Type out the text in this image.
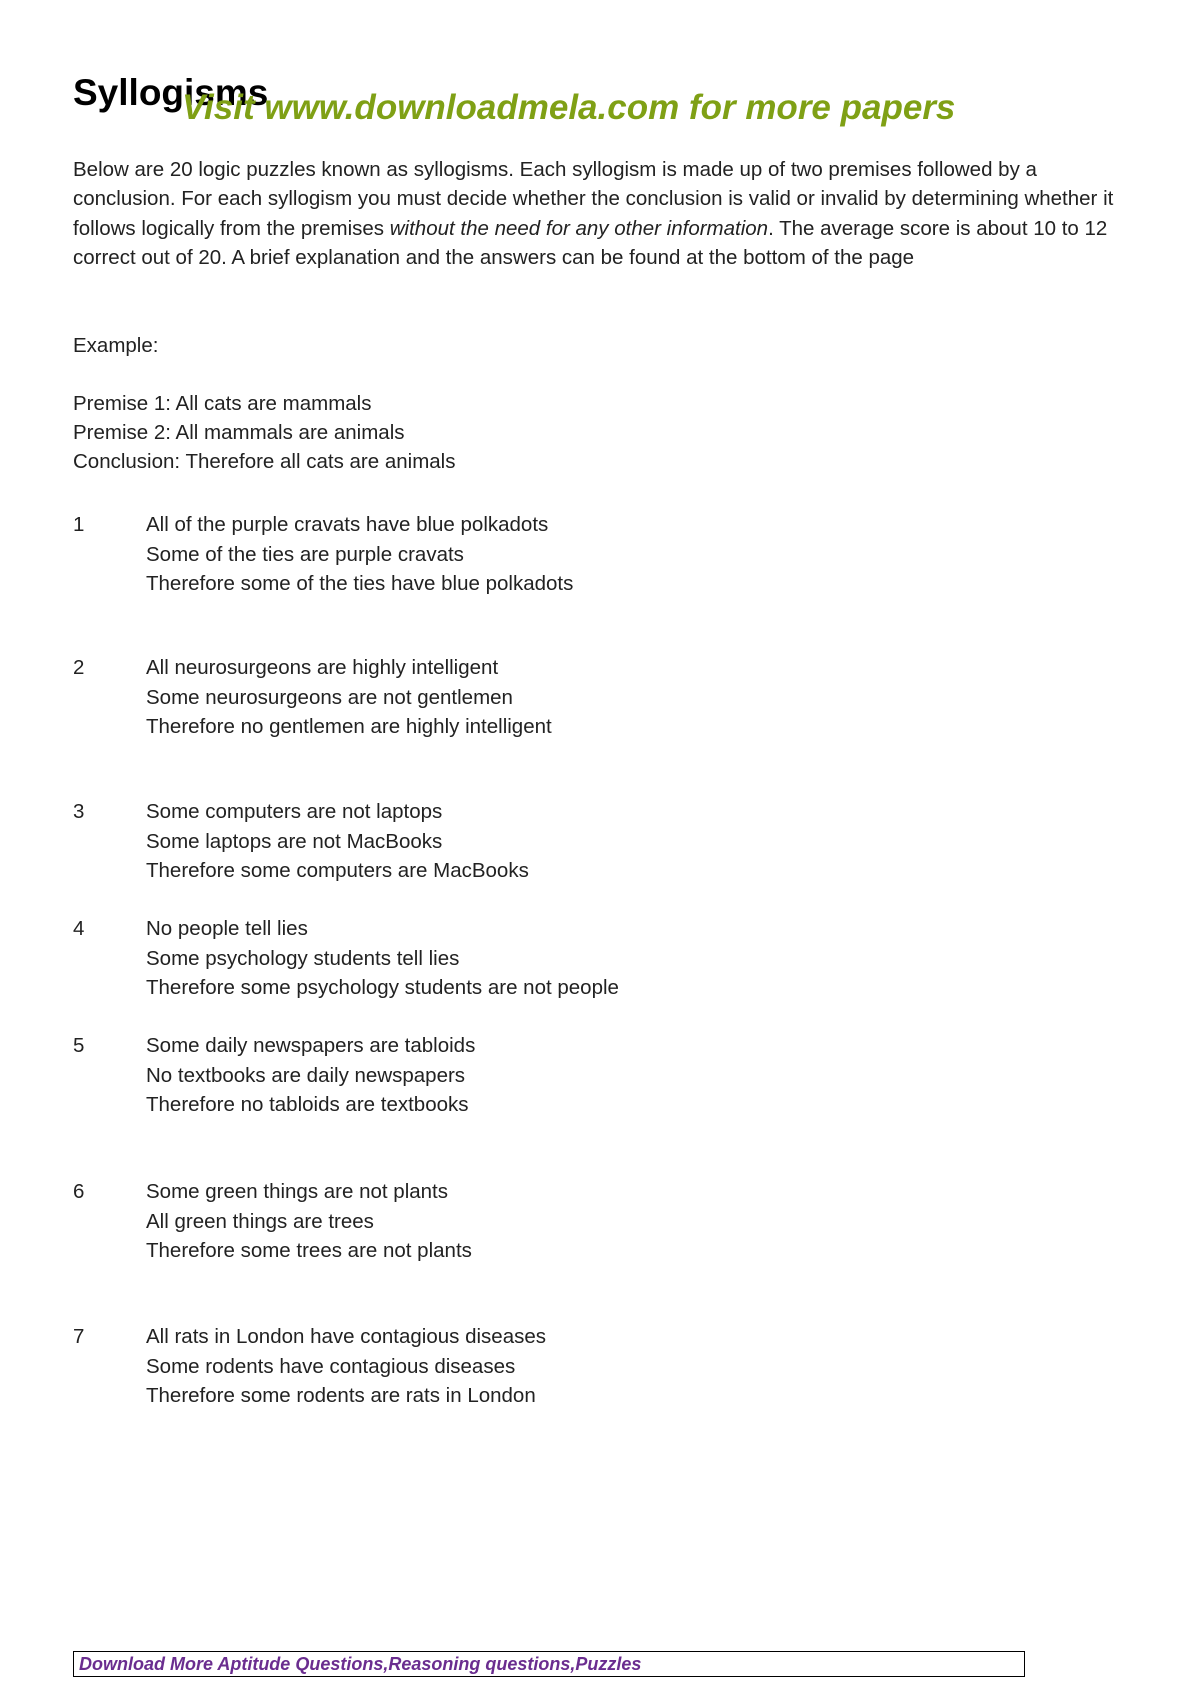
Syllogisms
Visit www.downloadmela.com for more papers

Below are 20 logic puzzles known as syllogisms. Each syllogism is made up of two premises followed by a conclusion. For each syllogism you must decide whether the conclusion is valid or invalid by determining whether it follows logically from the premises without the need for any other information. The average score is about 10 to 12 correct out of 20. A brief explanation and the answers can be found at the bottom of the page

Example:

Premise 1: All cats are mammals
Premise 2: All mammals are animals
Conclusion: Therefore all cats are animals
1	All of the purple cravats have blue polkadots
Some of the ties are purple cravats
Therefore some of the ties have blue polkadots
2	All neurosurgeons are highly intelligent
Some neurosurgeons are not gentlemen
Therefore no gentlemen are highly intelligent
3	Some computers are not laptops
Some laptops are not MacBooks
Therefore some computers are MacBooks
4	No people tell lies
Some psychology students tell lies
Therefore some psychology students are not people
5	Some daily newspapers are tabloids
No textbooks are daily newspapers
Therefore no tabloids are textbooks
6	Some green things are not plants
All green things are trees
Therefore some trees are not plants
7	All rats in London have contagious diseases
Some rodents have contagious diseases
Therefore some rodents are rats in London
Download More Aptitude Questions,Reasoning questions,Puzzles
